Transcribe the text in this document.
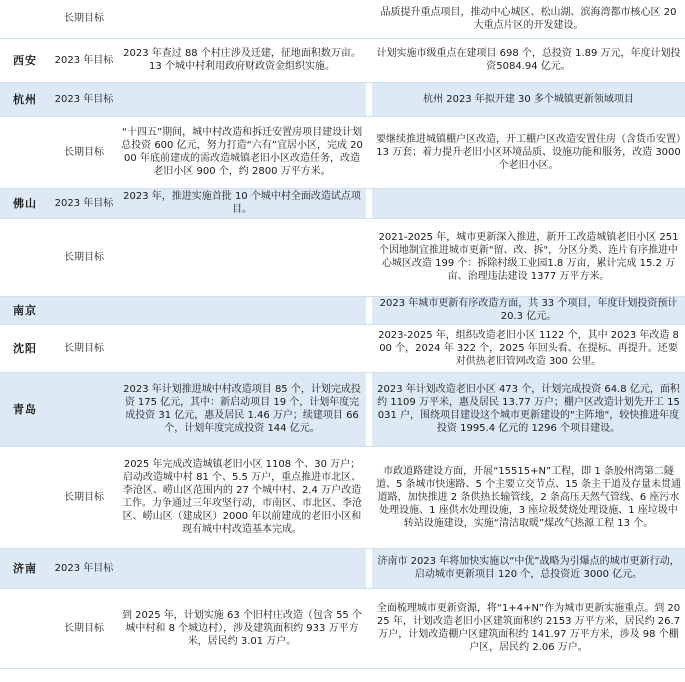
	长期目标			品质提升重点项目，推动中心城区、松山湖、滨海湾都市核心区 20 大重点片区的开发建设。
西安	2023 年目标	2023 年查过 88 个村庄涉及迁建，征地面积数万亩。13 个城中村利用政府财政资金组织实施。		计划实施市级重点在建项目 698 个，总投资 1.89 万元，年度计划投资5084.94 亿元。
杭州	2023 年目标			杭州 2023 年拟开建 30 多个城镇更新领域项目
	长期目标	“十四五”期间，城中村改造和拆迁安置房项目建设计划总投资 600 亿元，努力打造“六有”宜居小区，完成 2000 年底前建成的需改造城镇老旧小区改造任务，改造老旧小区 900 个，约 2800 万平方米。		要继续推进城镇棚户区改造，开工棚户区改造安置住房（含货币安置）13 万套；着力提升老旧小区环境品质、设施功能和服务，改造 3000 个老旧小区。
佛山	2023 年目标	2023 年，推进实施首批 10 个城中村全面改造试点项目。		
	长期目标			2021-2025 年，城市更新深入推进，新开工改造城镇老旧小区 251 个因地制宜推进城市更新"留、改、拆"，分区分类、连片有序推进中心城区改造 199 个：拆除村级工业园1.8 万亩，累计完成 15.2 万亩、治理违法建设 1377 万平方米。
南京				2023 年城市更新有序改造方面，共 33 个项目，年度计划投资预计 20.3 亿元。
沈阳	长期目标			2023-2025 年，组织改造老旧小区 1122 个，其中 2023 年改造 800 个，2024 年 322 个，2025 年回头看、在提标、再提升。还要对供热老旧管网改造 300 公里。
青岛		2023 年计划推进城中村改造项目 85 个，计划完成投资 175 亿元，其中：新启动项目 19 个，计划年度完成投资 31 亿元，惠及居民 1.46 万户；续建项目 66 个，计划年度完成投资 144 亿元。		2023 年计划改造老旧小区 473 个，计划完成投资 64.8 亿元，面积约 1109 万平米，惠及居民 13.77 万户；棚户区改造计划先开工 15031 户，围绕项目建设这个城市更新建设的"主阵地"，较快推进年度投资 1995.4 亿元的 1296 个项目建设。
	长期目标	2025 年完成改造城镇老旧小区 1108 个、30 万户；启动改造城中村 81 个、5.5 万户，重点推进市北区、李沧区、崂山区范围内的 27 个城中村、2.4 万户改造工作。力争通过三年攻坚行动，市南区、市北区、李沧区、崂山区（建成区）2000 年以前建成的老旧小区和现有城中村改造基本完成。		市政道路建设方面，开展“15515+N”工程，即 1 条胶州湾第二隧道、5 条城市快速路、5 个主要立交节点、15 条主干道及存量未贯通道路，加快推进 2 条供热长输管线，2 条高压天然气管线、6 座污水处理设施、1 座供水处理设施，3 座垃圾焚烧处理设施、1 座垃圾中转站设施建设，实施“清洁取暖”煤改气热源工程 13 个。
济南	2023 年目标			济南市 2023 年将加快实施以“中优”战略为引爆点的城市更新行动，启动城市更新项目 120 个，总投资近 3000 亿元。
	长期目标	到 2025 年，计划实施 63 个旧村庄改造（包含 55 个城中村和 8 个城边村），涉及建筑面积约 933 万平方米，居民约 3.01 万户。		全面梳理城市更新资源，将“1+4+N”作为城市更新实施重点。到 2025 年，计划改造老旧小区建筑面积约 2153 万平方米，居民约 26.7 万户，计划改造棚户区建筑面积约 141.97 万平方米，涉及 98 个棚户区，居民约 2.06 万户。
